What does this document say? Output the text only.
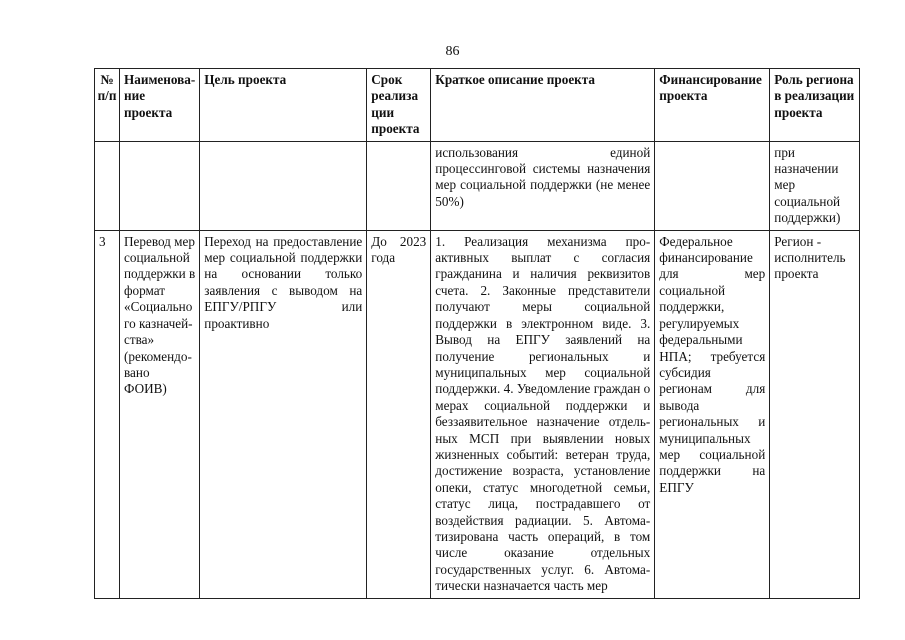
86
№ п/п	Наименова-ние проекта	Цель проекта	Срок реализа ции проекта	Краткое описание проекта	Финансирование проекта	Роль региона в реализации проекта
				использования единой процессинговой системы назначения мер социальной поддержки (не менее 50%)		при назначении мер социальной поддержки)
3	Перевод мер социальной поддержки в формат «Социально го казначей-ства» (рекомендо-вано ФОИВ)	Переход на предоставление мер социальной поддержки на основании только заявления с выводом на ЕПГУ/РПГУ или проактивно	До 2023 года	1. Реализация механизма про-активных выплат с согласия гражданина и наличия реквизитов счета. 2. Законные представители получают меры социальной поддержки в электронном виде. 3. Вывод на ЕПГУ заявлений на получение региональных и муниципальных мер социальной поддержки. 4. Уведомление граждан о мерах социальной поддержки и беззаявительное назначение отдель-ных МСП при выявлении новых жизненных событий: ветеран труда, достижение возраста, установление опеки, статус многодетной семьи, статус лица, пострадавшего от воздействия радиации. 5. Автома-тизирована часть операций, в том числе оказание отдельных государственных услуг. 6. Автома-тически назначается часть мер	Федеральное финансирование для мер социальной поддержки, регулируемых федеральными НПА; требуется субсидия регионам для вывода региональных и муниципальных мер социальной поддержки на ЕПГУ	Регион - исполнитель проекта
